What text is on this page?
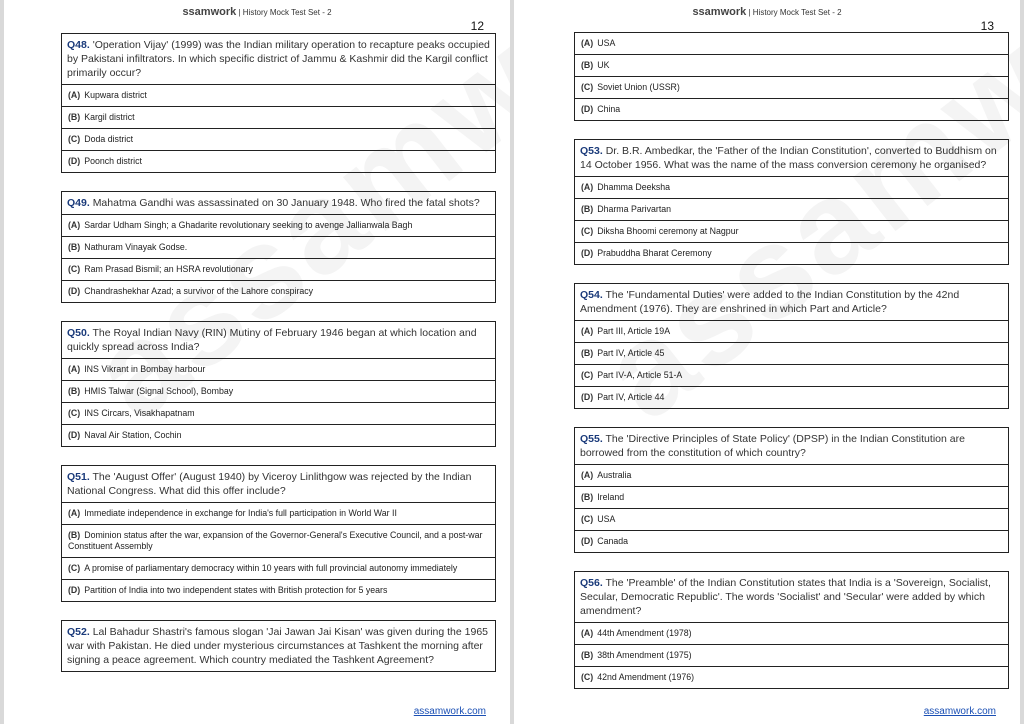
ssamwork | History Mock Test Set - 2
12
Q48. 'Operation Vijay' (1999) was the Indian military operation to recapture peaks occupied by Pakistani infiltrators. In which specific district of Jammu & Kashmir did the Kargil conflict primarily occur?
(A) Kupwara district
(B) Kargil district
(C) Doda district
(D) Poonch district
Q49. Mahatma Gandhi was assassinated on 30 January 1948. Who fired the fatal shots?
(A) Sardar Udham Singh; a Ghadarite revolutionary seeking to avenge Jallianwala Bagh
(B) Nathuram Vinayak Godse.
(C) Ram Prasad Bismil; an HSRA revolutionary
(D) Chandrashekhar Azad; a survivor of the Lahore conspiracy
Q50. The Royal Indian Navy (RIN) Mutiny of February 1946 began at which location and quickly spread across India?
(A) INS Vikrant in Bombay harbour
(B) HMIS Talwar (Signal School), Bombay
(C) INS Circars, Visakhapatnam
(D) Naval Air Station, Cochin
Q51. The 'August Offer' (August 1940) by Viceroy Linlithgow was rejected by the Indian National Congress. What did this offer include?
(A) Immediate independence in exchange for India's full participation in World War II
(B) Dominion status after the war, expansion of the Governor-General's Executive Council, and a post-war Constituent Assembly
(C) A promise of parliamentary democracy within 10 years with full provincial autonomy immediately
(D) Partition of India into two independent states with British protection for 5 years
Q52. Lal Bahadur Shastri's famous slogan 'Jai Jawan Jai Kisan' was given during the 1965 war with Pakistan. He died under mysterious circumstances at Tashkent the morning after signing a peace agreement. Which country mediated the Tashkent Agreement?
assamwork.com
ssamwork | History Mock Test Set - 2
13
(A) USA
(B) UK
(C) Soviet Union (USSR)
(D) China
Q53. Dr. B.R. Ambedkar, the 'Father of the Indian Constitution', converted to Buddhism on 14 October 1956. What was the name of the mass conversion ceremony he organised?
(A) Dhamma Deeksha
(B) Dharma Parivartan
(C) Diksha Bhoomi ceremony at Nagpur
(D) Prabuddha Bharat Ceremony
Q54. The 'Fundamental Duties' were added to the Indian Constitution by the 42nd Amendment (1976). They are enshrined in which Part and Article?
(A) Part III, Article 19A
(B) Part IV, Article 45
(C) Part IV-A, Article 51-A
(D) Part IV, Article 44
Q55. The 'Directive Principles of State Policy' (DPSP) in the Indian Constitution are borrowed from the constitution of which country?
(A) Australia
(B) Ireland
(C) USA
(D) Canada
Q56. The 'Preamble' of the Indian Constitution states that India is a 'Sovereign, Socialist, Secular, Democratic Republic'. The words 'Socialist' and 'Secular' were added by which amendment?
(A) 44th Amendment (1978)
(B) 38th Amendment (1975)
(C) 42nd Amendment (1976)
assamwork.com
